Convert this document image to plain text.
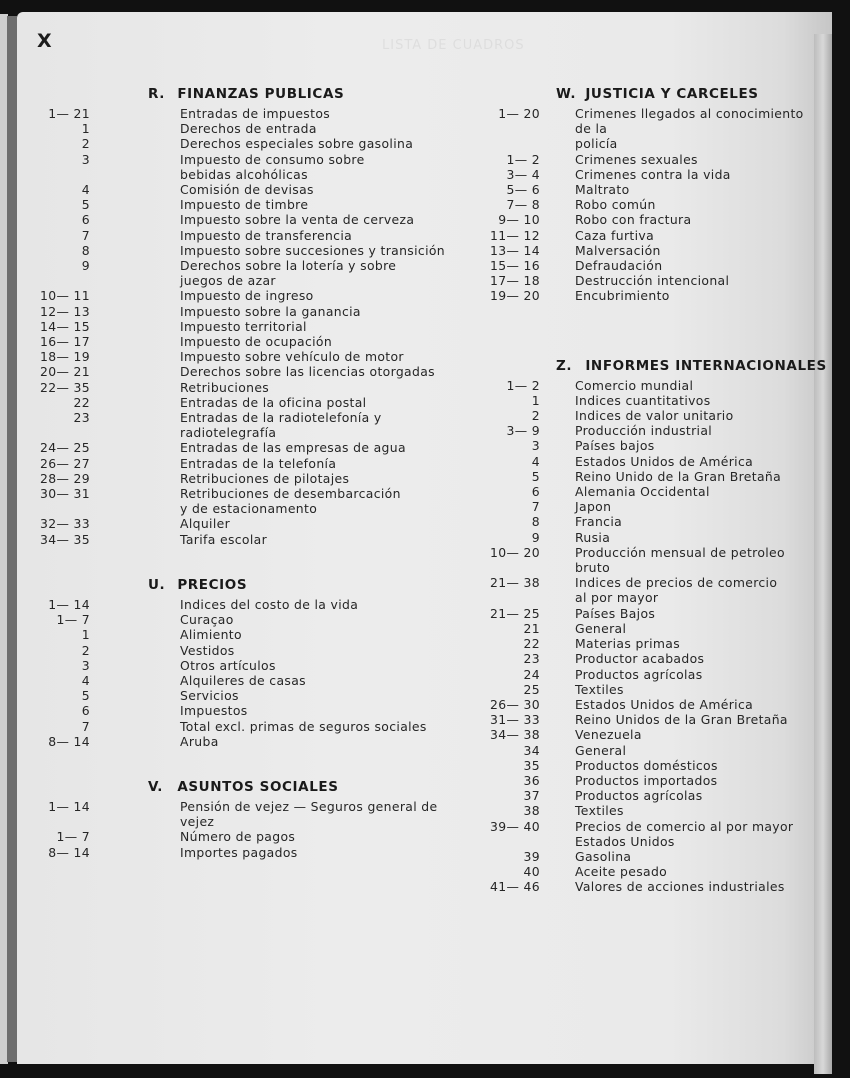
LISTA DE CUADROS
X
R. FINANZAS PUBLICAS
1— 21	Entradas de impuestos
1	Derechos de entrada
2	Derechos especiales sobre gasolina
3	Impuesto de consumo sobre
bebidas alcohólicas
4	Comisión de devisas
5	Impuesto de timbre
6	Impuesto sobre la venta de cerveza
7	Impuesto de transferencia
8	Impuesto sobre succesiones y transición
9	Derechos sobre la lotería y sobre
juegos de azar
10— 11	Impuesto de ingreso
12— 13	Impuesto sobre la ganancia
14— 15	Impuesto territorial
16— 17	Impuesto de ocupación
18— 19	Impuesto sobre vehículo de motor
20— 21	Derechos sobre las licencias otorgadas
22— 35	Retribuciones
22	Entradas de la oficina postal
23	Entradas de la radiotelefonía y
radiotelegrafía
24— 25	Entradas de las empresas de agua
26— 27	Entradas de la telefonía
28— 29	Retribuciones de pilotajes
30— 31	Retribuciones de desembarcación
y de estacionamento
32— 33	Alquiler
34— 35	Tarifa escolar
U. PRECIOS
1— 14	Indices del costo de la vida
1— 7	Curaçao
1	Alimiento
2	Vestidos
3	Otros artículos
4	Alquileres de casas
5	Servicios
6	Impuestos
7	Total excl. primas de seguros sociales
8— 14	Aruba
V. ASUNTOS SOCIALES
1— 14	Pensión de vejez — Seguros general de
vejez
1— 7	Número de pagos
8— 14	Importes pagados
W. JUSTICIA Y CARCELES
1— 20	Crimenes llegados al conocimiento de la
policía
1— 2	Crimenes sexuales
3— 4	Crimenes contra la vida
5— 6	Maltrato
7— 8	Robo común
9— 10	Robo con fractura
11— 12	Caza furtiva
13— 14	Malversación
15— 16	Defraudación
17— 18	Destrucción intencional
19— 20	Encubrimiento
Z. INFORMES INTERNACIONALES
1— 2	Comercio mundial
1	Indices cuantitativos
2	Indices de valor unitario
3— 9	Producción industrial
3	Países bajos
4	Estados Unidos de América
5	Reino Unido de la Gran Bretaña
6	Alemania Occidental
7	Japon
8	Francia
9	Rusia
10— 20	Producción mensual de petroleo bruto
21— 38	Indices de precios de comercio
al por mayor
21— 25	Países Bajos
21	General
22	Materias primas
23	Productor acabados
24	Productos agrícolas
25	Textiles
26— 30	Estados Unidos de América
31— 33	Reino Unidos de la Gran Bretaña
34— 38	Venezuela
34	General
35	Productos domésticos
36	Productos importados
37	Productos agrícolas
38	Textiles
39— 40	Precios de comercio al por mayor
Estados Unidos
39	Gasolina
40	Aceite pesado
41— 46	Valores de acciones industriales
